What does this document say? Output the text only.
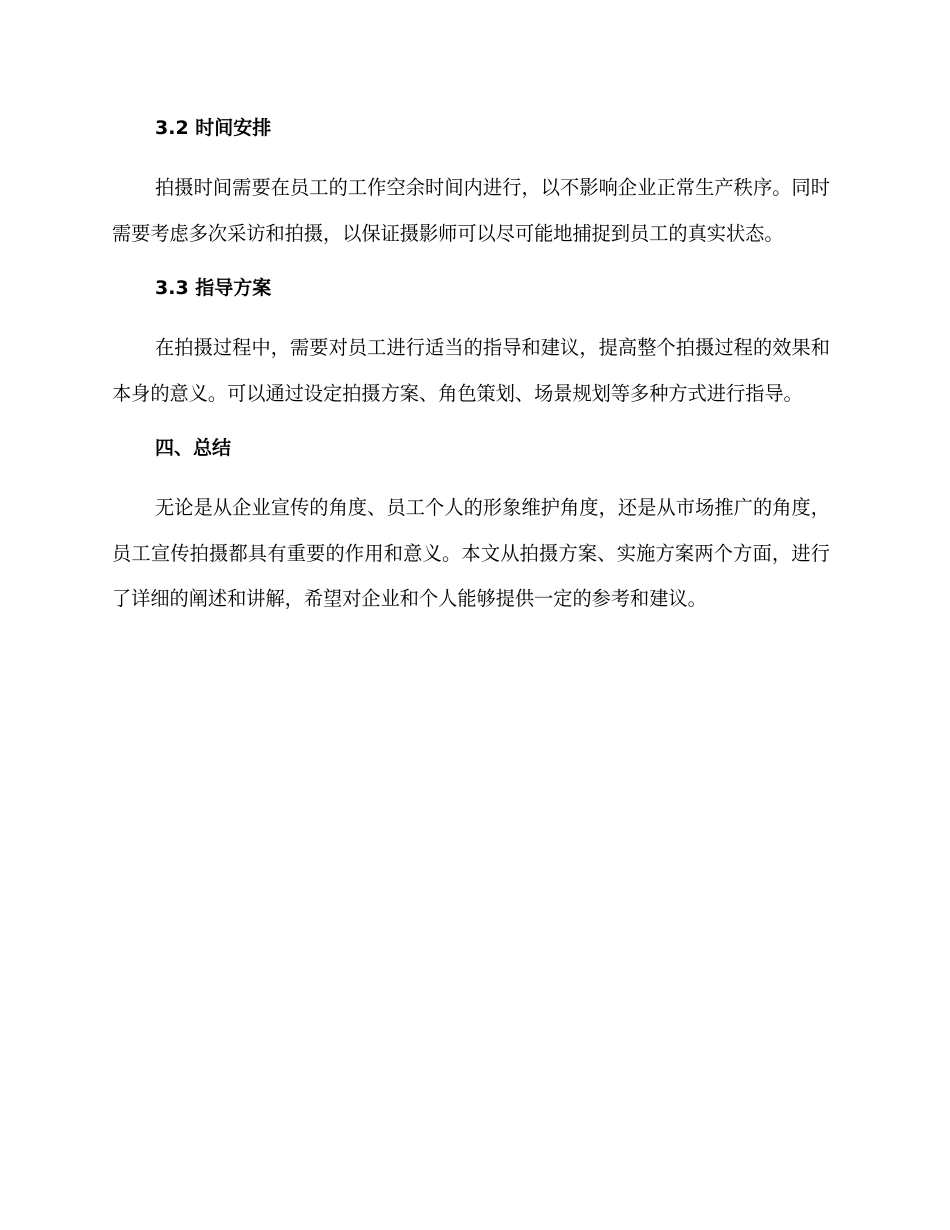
3.2 时间安排

拍摄时间需要在员工的工作空余时间内进行，以不影响企业正常生产秩序。同时需要考虑多次采访和拍摄，以保证摄影师可以尽可能地捕捉到员工的真实状态。

3.3 指导方案

在拍摄过程中，需要对员工进行适当的指导和建议，提高整个拍摄过程的效果和本身的意义。可以通过设定拍摄方案、角色策划、场景规划等多种方式进行指导。

四、总结

无论是从企业宣传的角度、员工个人的形象维护角度，还是从市场推广的角度，员工宣传拍摄都具有重要的作用和意义。本文从拍摄方案、实施方案两个方面，进行了详细的阐述和讲解，希望对企业和个人能够提供一定的参考和建议。
